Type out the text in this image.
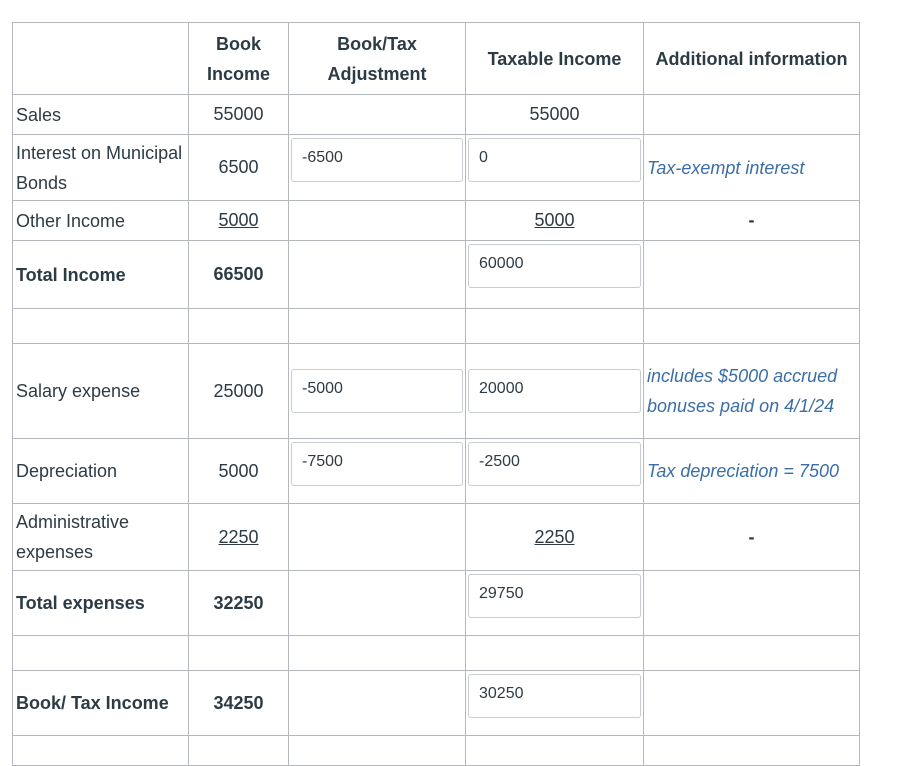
	Book Income	Book/Tax Adjustment	Taxable Income	Additional information
Sales	55000		55000	
Interest on Municipal Bonds	6500	-6500	0	Tax-exempt interest
Other Income	5000		5000	-
Total Income	66500		60000	

Salary expense	25000	-5000	20000	includes $5000 accrued bonuses paid on 4/1/24
Depreciation	5000	-7500	-2500	Tax depreciation = 7500
Administrative expenses	2250		2250	-
Total expenses	32250		29750	

Book/ Tax Income	34250		30250	
